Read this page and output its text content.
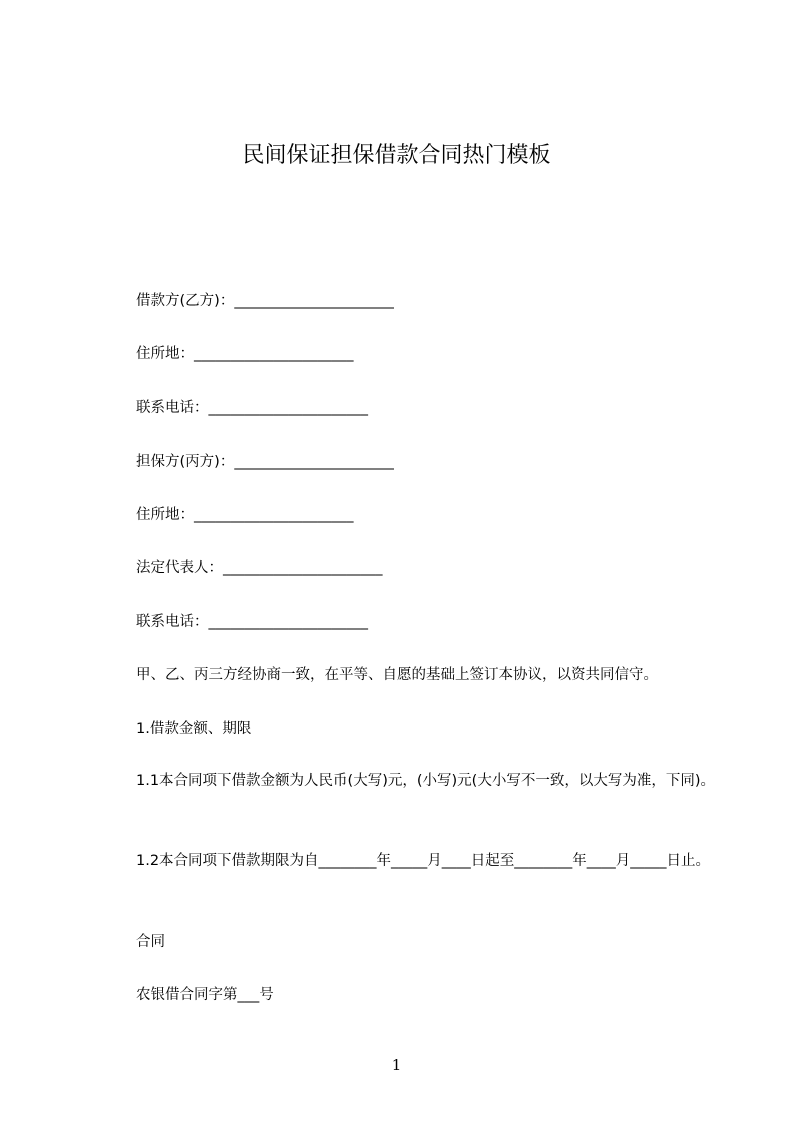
民间保证担保借款合同热门模板
借款方(乙方)：______________________
住所地：______________________
联系电话：______________________
担保方(丙方)：______________________
住所地：______________________
法定代表人：______________________
联系电话：______________________
甲、乙、丙三方经协商一致，在平等、自愿的基础上签订本协议，以资共同信守。
1.借款金额、期限
1.1本合同项下借款金额为人民币(大写)元，(小写)元(大小写不一致，以大写为准，下同)。
1.2本合同项下借款期限为自________年_____月____日起至________年____月_____日止。
合同
农银借合同字第___号
1
